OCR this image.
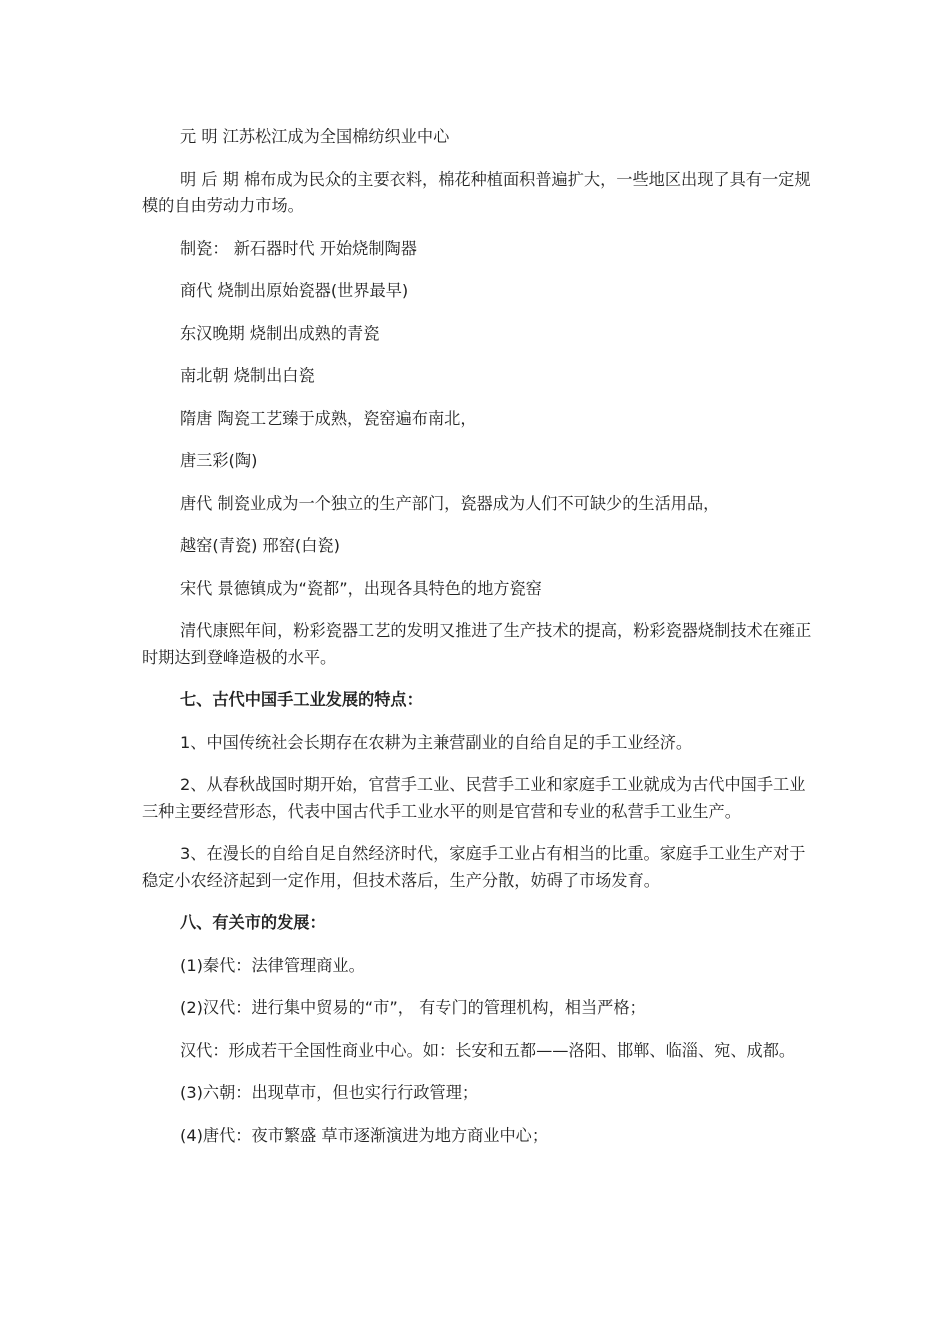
元 明 江苏松江成为全国棉纺织业中心

明 后 期 棉布成为民众的主要衣料，棉花种植面积普遍扩大，一些地区出现了具有一定规模的自由劳动力市场。

制瓷： 新石器时代 开始烧制陶器

商代 烧制出原始瓷器(世界最早)

东汉晚期 烧制出成熟的青瓷

南北朝 烧制出白瓷

隋唐 陶瓷工艺臻于成熟，瓷窑遍布南北，

唐三彩(陶)

唐代 制瓷业成为一个独立的生产部门，瓷器成为人们不可缺少的生活用品，

越窑(青瓷) 邢窑(白瓷)

宋代 景德镇成为“瓷都”，出现各具特色的地方瓷窑

清代康熙年间，粉彩瓷器工艺的发明又推进了生产技术的提高，粉彩瓷器烧制技术在雍正时期达到登峰造极的水平。

七、古代中国手工业发展的特点：

1、中国传统社会长期存在农耕为主兼营副业的自给自足的手工业经济。

2、从春秋战国时期开始，官营手工业、民营手工业和家庭手工业就成为古代中国手工业三种主要经营形态，代表中国古代手工业水平的则是官营和专业的私营手工业生产。

3、在漫长的自给自足自然经济时代，家庭手工业占有相当的比重。家庭手工业生产对于稳定小农经济起到一定作用，但技术落后，生产分散，妨碍了市场发育。

八、有关市的发展：

(1)秦代：法律管理商业。

(2)汉代：进行集中贸易的“市”， 有专门的管理机构，相当严格；

汉代：形成若干全国性商业中心。如：长安和五都——洛阳、邯郸、临淄、宛、成都。

(3)六朝：出现草市，但也实行行政管理；

(4)唐代：夜市繁盛 草市逐渐演进为地方商业中心；
